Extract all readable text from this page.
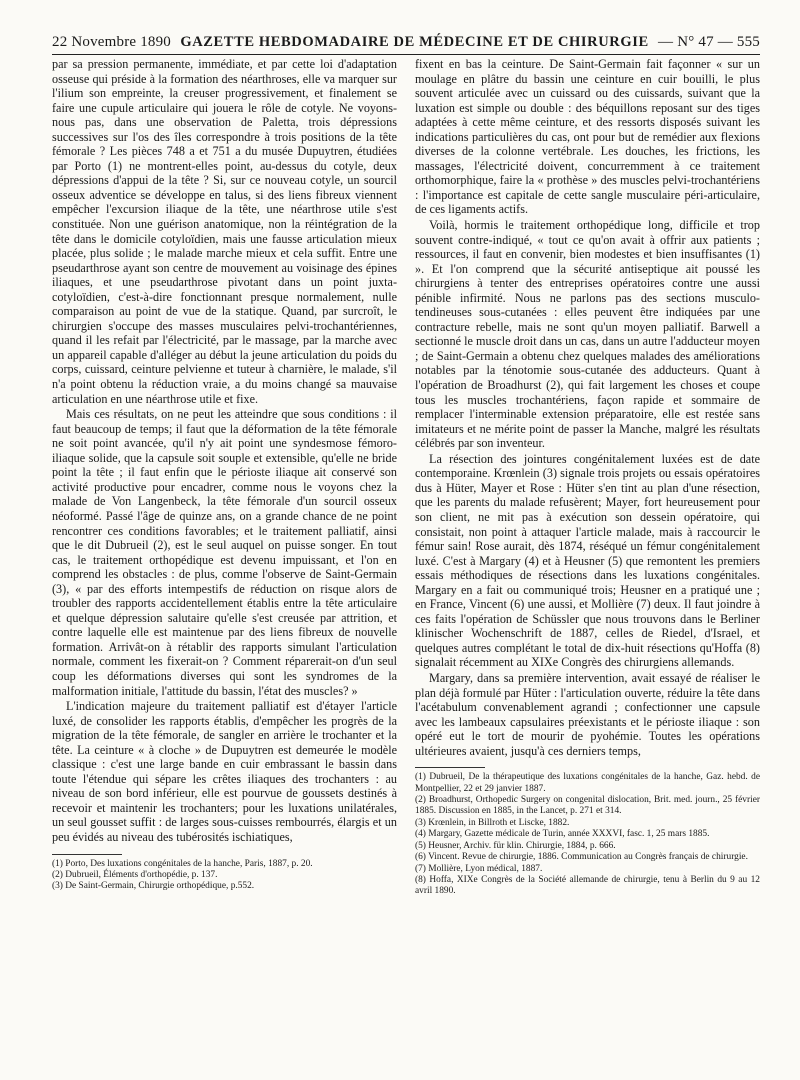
22 Novembre 1890 GAZETTE HEBDOMADAIRE DE MÉDECINE ET DE CHIRURGIE — N° 47 — 555

par sa pression permanente, immédiate, et par cette loi d'adaptation osseuse qui préside à la formation des néarthroses, elle va marquer sur l'ilium son empreinte, la creuser progressivement, et finalement se faire une cupule articulaire qui jouera le rôle de cotyle. Ne voyons-nous pas, dans une observation de Paletta, trois dépressions successives sur l'os des îles correspondre à trois positions de la tête fémorale ? Les pièces 748 a et 751 a du musée Dupuytren, étudiées par Porto (1) ne montrent-elles point, au-dessus du cotyle, deux dépressions d'appui de la tête ? Si, sur ce nouveau cotyle, un sourcil osseux adventice se développe en talus, si des liens fibreux viennent empêcher l'excursion iliaque de la tête, une néarthrose utile s'est constituée. Non une guérison anatomique, non la réintégration de la tête dans le domicile cotyloïdien, mais une fausse articulation mieux placée, plus solide ; le malade marche mieux et cela suffit. Entre une pseudarthrose ayant son centre de mouvement au voisinage des épines iliaques, et une pseudarthrose pivotant dans un point juxta-cotyloïdien, c'est-à-dire fonctionnant presque normalement, nulle comparaison au point de vue de la statique. Quand, par surcroît, le chirurgien s'occupe des masses musculaires pelvi-trochantériennes, quand il les refait par l'électricité, par le massage, par la marche avec un appareil capable d'alléger au début la jeune articulation du poids du corps, cuissard, ceinture pelvienne et tuteur à charnière, le malade, s'il n'a point obtenu la réduction vraie, a du moins changé sa mauvaise articulation en une néarthrose utile et fixe.

Mais ces résultats, on ne peut les atteindre que sous conditions : il faut beaucoup de temps; il faut que la déformation de la tête fémorale ne soit point avancée, qu'il n'y ait point une syndesmose fémoro-iliaque solide, que la capsule soit souple et extensible, qu'elle ne bride point la tête ; il faut enfin que le périoste iliaque ait conservé son activité productive pour encadrer, comme nous le voyons chez la malade de Von Langenbeck, la tête fémorale d'un sourcil osseux néoformé. Passé l'âge de quinze ans, on a grande chance de ne point rencontrer ces conditions favorables; et le traitement palliatif, ainsi que le dit Dubrueil (2), est le seul auquel on puisse songer. En tout cas, le traitement orthopédique est devenu impuissant, et l'on en comprend les obstacles : de plus, comme l'observe de Saint-Germain (3), « par des efforts intempestifs de réduction on risque alors de troubler des rapports accidentellement établis entre la tête articulaire et quelque dépression salutaire qu'elle s'est creusée par attrition, et contre laquelle elle est maintenue par des liens fibreux de nouvelle formation. Arrivât-on à rétablir des rapports simulant l'articulation normale, comment les fixerait-on ? Comment réparerait-on d'un seul coup les déformations diverses qui sont les syndromes de la malformation initiale, l'attitude du bassin, l'état des muscles? »

L'indication majeure du traitement palliatif est d'étayer l'article luxé, de consolider les rapports établis, d'empêcher les progrès de la migration de la tête fémorale, de sangler en arrière le trochanter et la tête. La ceinture « à cloche » de Dupuytren est demeurée le modèle classique : c'est une large bande en cuir embrassant le bassin dans toute l'étendue qui sépare les crêtes iliaques des trochanters : au niveau de son bord inférieur, elle est pourvue de goussets destinés à recevoir et maintenir les trochanters; pour les luxations unilatérales, un seul gousset suffit : de larges sous-cuisses rembourrés, élargis et un peu évidés au niveau des tubérosités ischiatiques,

(1) Porto, Des luxations congénitales de la hanche, Paris, 1887, p. 20.
(2) Dubrueil, Éléments d'orthopédie, p. 137.
(3) De Saint-Germain, Chirurgie orthopédique, p.552.

fixent en bas la ceinture. De Saint-Germain fait façonner « sur un moulage en plâtre du bassin une ceinture en cuir bouilli, le plus souvent articulée avec un cuissard ou des cuissards, suivant que la luxation est simple ou double : des béquillons reposant sur des tiges adaptées à cette même ceinture, et des ressorts disposés suivant les indications particulières du cas, ont pour but de remédier aux flexions diverses de la colonne vertébrale. Les douches, les frictions, les massages, l'électricité doivent, concurremment à ce traitement orthomorphique, faire la « prothèse » des muscles pelvi-trochantériens : l'importance est capitale de cette sangle musculaire péri-articulaire, de ces ligaments actifs.

Voilà, hormis le traitement orthopédique long, difficile et trop souvent contre-indiqué, « tout ce qu'on avait à offrir aux patients ; ressources, il faut en convenir, bien modestes et bien insuffisantes (1) ». Et l'on comprend que la sécurité antiseptique ait poussé les chirurgiens à tenter des entreprises opératoires contre une aussi pénible infirmité. Nous ne parlons pas des sections musculo-tendineuses sous-cutanées : elles peuvent être indiquées par une contracture rebelle, mais ne sont qu'un moyen palliatif. Barwell a sectionné le muscle droit dans un cas, dans un autre l'adducteur moyen ; de Saint-Germain a obtenu chez quelques malades des améliorations notables par la ténotomie sous-cutanée des adducteurs. Quant à l'opération de Broadhurst (2), qui fait largement les choses et coupe tous les muscles trochantériens, façon rapide et sommaire de remplacer l'interminable extension préparatoire, elle est restée sans imitateurs et ne mérite point de passer la Manche, malgré les résultats célébrés par son inventeur.

La résection des jointures congénitalement luxées est de date contemporaine. Krœnlein (3) signale trois projets ou essais opératoires dus à Hüter, Mayer et Rose : Hüter s'en tint au plan d'une résection, que les parents du malade refusèrent; Mayer, fort heureusement pour son client, ne mit pas à exécution son dessein opératoire, qui consistait, non point à attaquer l'article malade, mais à raccourcir le fémur sain! Rose aurait, dès 1874, réséqué un fémur congénitalement luxé. C'est à Margary (4) et à Heusner (5) que remontent les premiers essais méthodiques de résections dans les luxations congénitales. Margary en a fait ou communiqué trois; Heusner en a pratiqué une ; en France, Vincent (6) une aussi, et Mollière (7) deux. Il faut joindre à ces faits l'opération de Schüssler que nous trouvons dans le Berliner klinischer Wochenschrift de 1887, celles de Riedel, d'Israel, et quelques autres complétant le total de dix-huit résections qu'Hoffa (8) signalait récemment au XIXe Congrès des chirurgiens allemands.

Margary, dans sa première intervention, avait essayé de réaliser le plan déjà formulé par Hüter : l'articulation ouverte, réduire la tête dans l'acétabulum convenablement agrandi ; confectionner une capsule avec les lambeaux capsulaires préexistants et le périoste iliaque : son opéré eut le tort de mourir de pyohémie. Toutes les opérations ultérieures avaient, jusqu'à ces derniers temps,

(1) Dubrueil, De la thérapeutique des luxations congénitales de la hanche, Gaz. hebd. de Montpellier, 22 et 29 janvier 1887.
(2) Broadhurst, Orthopedic Surgery on congenital dislocation, Brit. med. journ., 25 février 1885. Discussion en 1885, in the Lancet, p. 271 et 314.
(3) Krœnlein, in Billroth et Liscke, 1882.
(4) Margary, Gazette médicale de Turin, année XXXVI, fasc. 1, 25 mars 1885.
(5) Heusner, Archiv. für klin. Chirurgie, 1884, p. 666.
(6) Vincent. Revue de chirurgie, 1886. Communication au Congrès français de chirurgie.
(7) Mollière, Lyon médical, 1887.
(8) Hoffa, XIXe Congrès de la Société allemande de chirurgie, tenu à Berlin du 9 au 12 avril 1890.
